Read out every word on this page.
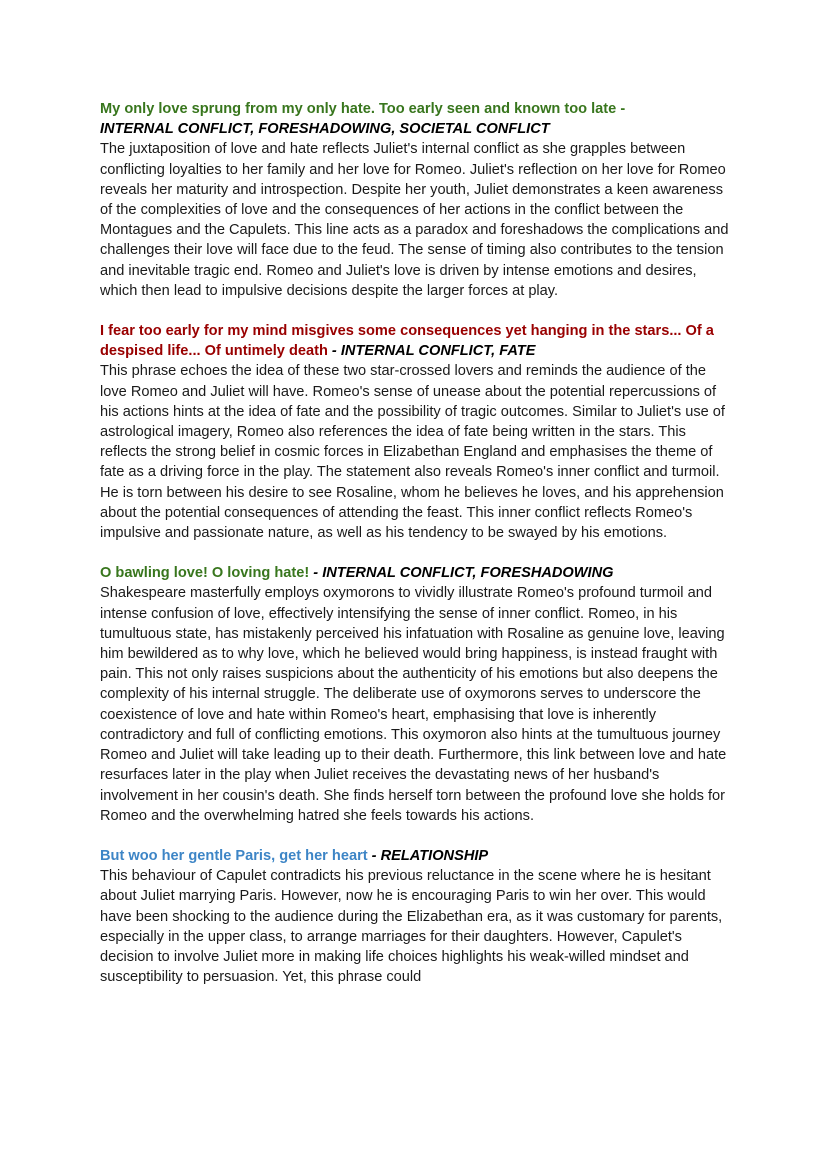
My only love sprung from my only hate. Too early seen and known too late -
INTERNAL CONFLICT, FORESHADOWING, SOCIETAL CONFLICT

The juxtaposition of love and hate reflects Juliet's internal conflict as she grapples between conflicting loyalties to her family and her love for Romeo. Juliet's reflection on her love for Romeo reveals her maturity and introspection. Despite her youth, Juliet demonstrates a keen awareness of the complexities of love and the consequences of her actions in the conflict between the Montagues and the Capulets. This line acts as a paradox and foreshadows the complications and challenges their love will face due to the feud. The sense of timing also contributes to the tension and inevitable tragic end. Romeo and Juliet's love is driven by intense emotions and desires, which then lead to impulsive decisions despite the larger forces at play.

I fear too early for my mind misgives some consequences yet hanging in the stars... Of a despised life... Of untimely death - INTERNAL CONFLICT, FATE

This phrase echoes the idea of these two star-crossed lovers and reminds the audience of the love Romeo and Juliet will have. Romeo's sense of unease about the potential repercussions of his actions hints at the idea of fate and the possibility of tragic outcomes. Similar to Juliet's use of astrological imagery, Romeo also references the idea of fate being written in the stars. This reflects the strong belief in cosmic forces in Elizabethan England and emphasises the theme of fate as a driving force in the play. The statement also reveals Romeo's inner conflict and turmoil. He is torn between his desire to see Rosaline, whom he believes he loves, and his apprehension about the potential consequences of attending the feast. This inner conflict reflects Romeo's impulsive and passionate nature, as well as his tendency to be swayed by his emotions.

O bawling love! O loving hate! - INTERNAL CONFLICT, FORESHADOWING

Shakespeare masterfully employs oxymorons to vividly illustrate Romeo's profound turmoil and intense confusion of love, effectively intensifying the sense of inner conflict. Romeo, in his tumultuous state, has mistakenly perceived his infatuation with Rosaline as genuine love, leaving him bewildered as to why love, which he believed would bring happiness, is instead fraught with pain. This not only raises suspicions about the authenticity of his emotions but also deepens the complexity of his internal struggle. The deliberate use of oxymorons serves to underscore the coexistence of love and hate within Romeo's heart, emphasising that love is inherently contradictory and full of conflicting emotions. This oxymoron also hints at the tumultuous journey Romeo and Juliet will take leading up to their death. Furthermore, this link between love and hate resurfaces later in the play when Juliet receives the devastating news of her husband's involvement in her cousin's death. She finds herself torn between the profound love she holds for Romeo and the overwhelming hatred she feels towards his actions.

But woo her gentle Paris, get her heart - RELATIONSHIP

This behaviour of Capulet contradicts his previous reluctance in the scene where he is hesitant about Juliet marrying Paris. However, now he is encouraging Paris to win her over. This would have been shocking to the audience during the Elizabethan era, as it was customary for parents, especially in the upper class, to arrange marriages for their daughters. However, Capulet's decision to involve Juliet more in making life choices highlights his weak-willed mindset and susceptibility to persuasion. Yet, this phrase could
